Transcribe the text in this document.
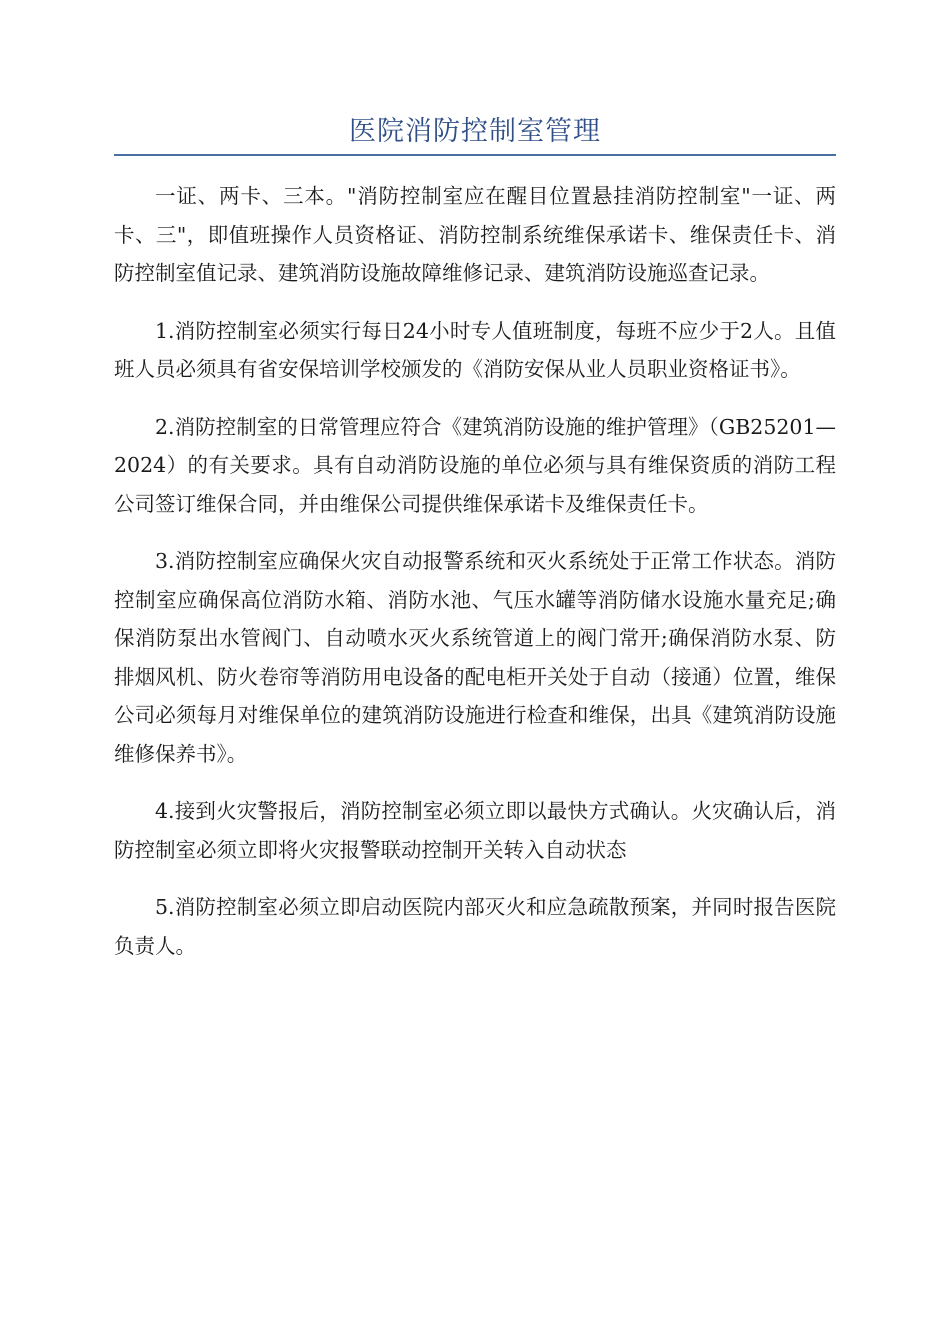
医院消防控制室管理

一证、两卡、三本。"消防控制室应在醒目位置悬挂消防控制室"一证、两卡、三"，即值班操作人员资格证、消防控制系统维保承诺卡、维保责任卡、消防控制室值记录、建筑消防设施故障维修记录、建筑消防设施巡查记录。

1.消防控制室必须实行每日24小时专人值班制度，每班不应少于2人。且值班人员必须具有省安保培训学校颁发的《消防安保从业人员职业资格证书》。

2.消防控制室的日常管理应符合《建筑消防设施的维护管理》（GB25201—2024）的有关要求。具有自动消防设施的单位必须与具有维保资质的消防工程公司签订维保合同，并由维保公司提供维保承诺卡及维保责任卡。

3.消防控制室应确保火灾自动报警系统和灭火系统处于正常工作状态。消防控制室应确保高位消防水箱、消防水池、气压水罐等消防储水设施水量充足;确保消防泵出水管阀门、自动喷水灭火系统管道上的阀门常开;确保消防水泵、防排烟风机、防火卷帘等消防用电设备的配电柜开关处于自动（接通）位置，维保公司必须每月对维保单位的建筑消防设施进行检查和维保，出具《建筑消防设施维修保养书》。

4.接到火灾警报后，消防控制室必须立即以最快方式确认。火灾确认后，消防控制室必须立即将火灾报警联动控制开关转入自动状态

5.消防控制室必须立即启动医院内部灭火和应急疏散预案，并同时报告医院负责人。
